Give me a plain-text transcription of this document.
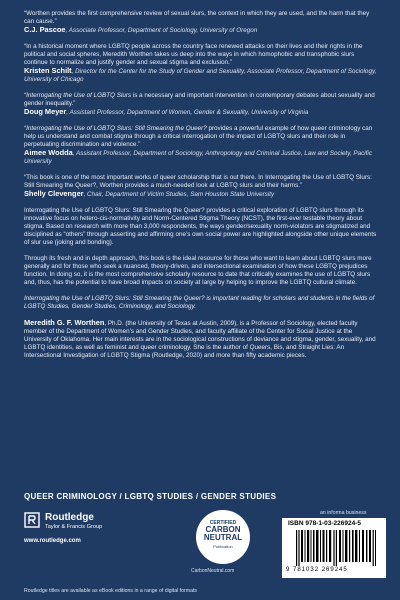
“Worthen provides the first comprehensive review of sexual slurs, the context in which they are used, and the harm that they can cause.”
C.J. Pascoe, Associate Professor, Department of Sociology, University of Oregon
“In a historical moment where LGBTQ people across the country face renewed attacks on their lives and their rights in the political and social spheres, Meredith Worthen takes us deep into the ways in which homophobic and transphobic slurs continue to normalize and justify gender and sexual stigma and exclusion.”
Kristen Schilt, Director for the Center for the Study of Gender and Sexuality, Associate Professor, Department of Sociology, University of Chicago
“Interrogating the Use of LGBTQ Slurs is a necessary and important intervention in contemporary debates about sexuality and gender inequality.”
Doug Meyer, Assistant Professor, Department of Women, Gender & Sexuality, University of Virginia
“Interrogating the Use of LGBTQ Slurs: Still Smearing the Queer? provides a powerful example of how queer criminology can help us understand and combat stigma through a critical interrogation of the impact of LGBTQ slurs and their role in perpetuating discrimination and violence.”
Aimee Wodda, Assistant Professor, Department of Sociology, Anthropology and Criminal Justice, Law and Society, Pacific University
“This book is one of the most important works of queer scholarship that is out there. In Interrogating the Use of LGBTQ Slurs: Still Smearing the Queer?, Worthen provides a much-needed look at LGBTQ slurs and their harms.”
Shelly Clevenger, Chair, Department of Victim Studies, Sam Houston State University

Interrogating the Use of LGBTQ Slurs: Still Smearing the Queer? provides a critical exploration of LGBTQ slurs through its innovative focus on hetero-cis-normativity and Norm-Centered Stigma Theory (NCST), the first-ever testable theory about stigma. Based on research with more than 3,000 respondents, the ways gender/sexuality norm-violators are stigmatized and disciplined as “others” through asserting and affirming one’s own social power are highlighted alongside other unique elements of slur use (joking and bonding).

Through its fresh and in depth approach, this book is the ideal resource for those who want to learn about LGBTQ slurs more generally and for those who seek a nuanced, theory-driven, and intersectional examination of how these LGBTQ prejudices function. In doing so, it is the most comprehensive scholarly resource to date that critically examines the use of LGBTQ slurs and, thus, has the potential to have broad impacts on society at large by helping to improve the LGBTQ cultural climate.

Interrogating the Use of LGBTQ Slurs: Still Smearing the Queer? is important reading for scholars and students in the fields of LGBTQ Studies, Gender Studies, Criminology, and Sociology.

Meredith G. F. Worthen, Ph.D. (the University of Texas at Austin, 2009), is a Professor of Sociology, elected faculty member of the Department of Women’s and Gender Studies, and faculty affiliate of the Center for Social Justice at the University of Oklahoma. Her main interests are in the sociological constructions of deviance and stigma, gender, sexuality, and LGBTQ identities, as well as feminist and queer criminology. She is the author of Queers, Bis, and Straight Lies: An Intersectional Investigation of LGBTQ Stigma (Routledge, 2020) and more than fifty academic pieces.

QUEER CRIMINOLOGY / LGBTQ STUDIES / GENDER STUDIES
Routledge
Taylor & Francis Group
www.routledge.com
CERTIFIED
CARBON
NEUTRAL
Publication
CarbonNeutral.com
an informa business
ISBN 978-1-03-226924-5
9 781032 269245
Routledge titles are available as eBook editions in a range of digital formats
